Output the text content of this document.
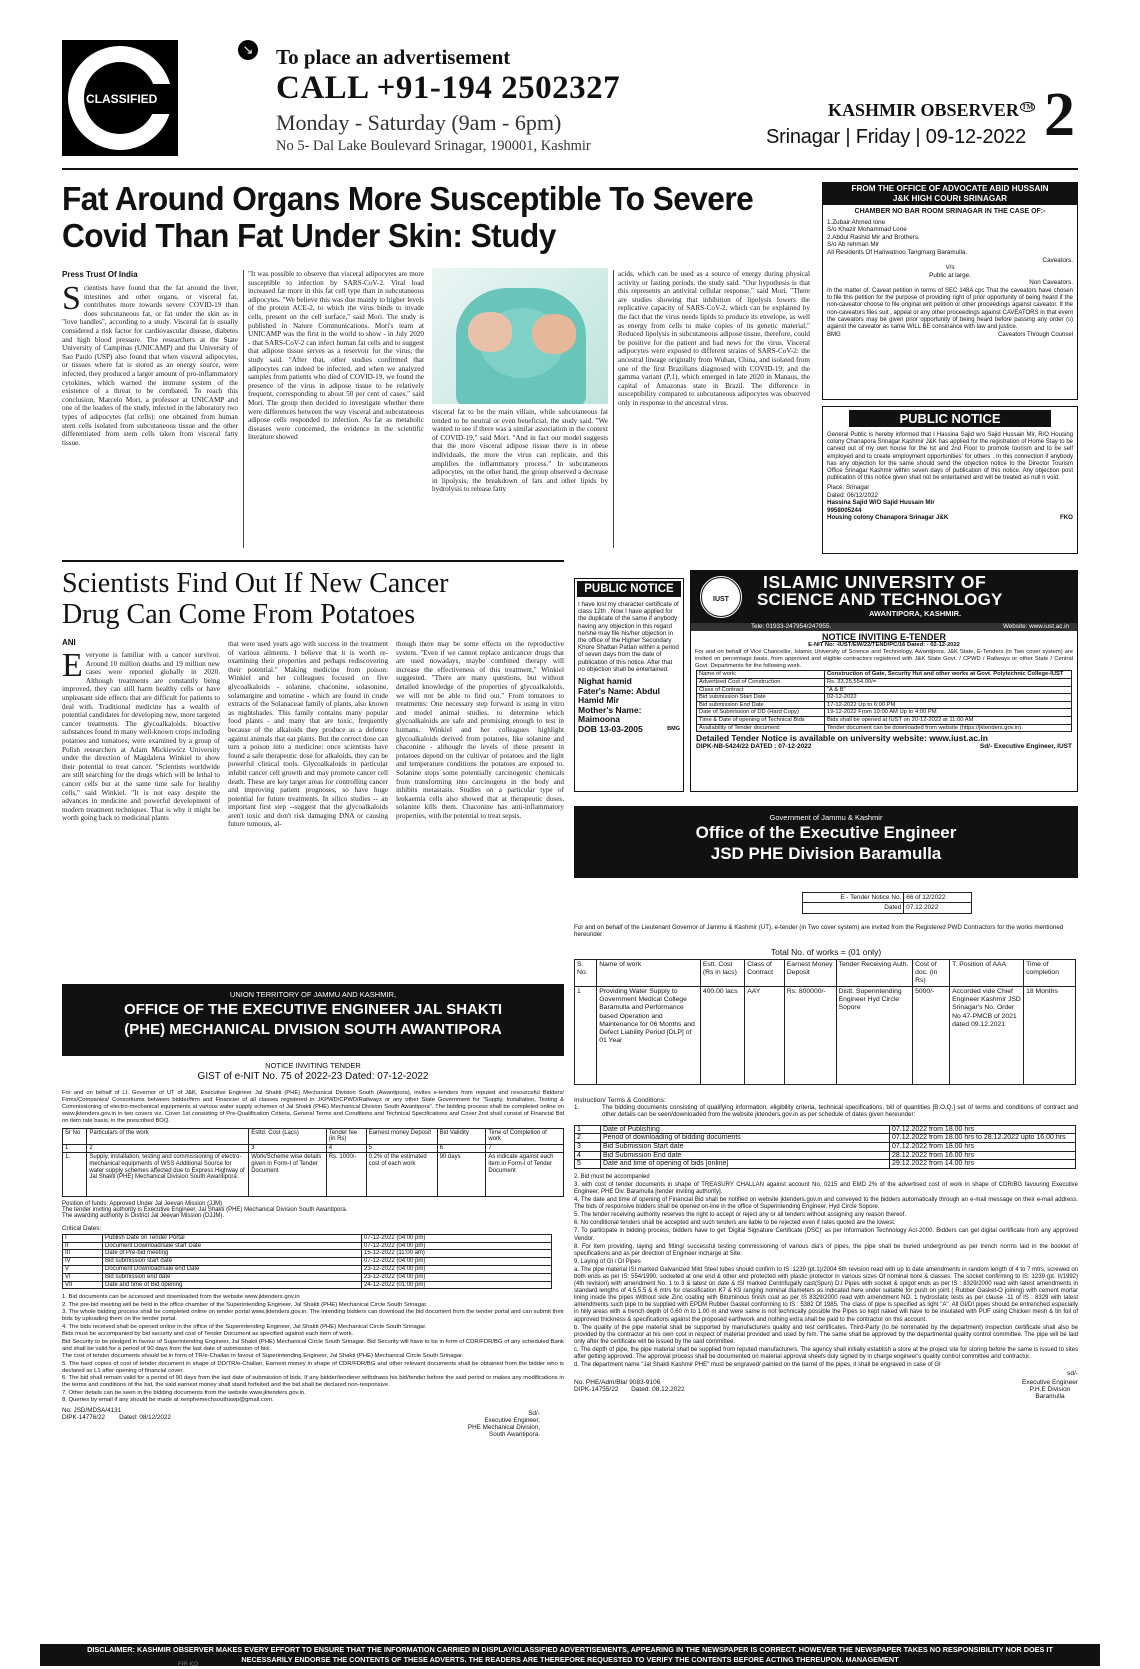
CLASSIFIED
↘ To place an advertisement
CALL +91-194 2502327
Monday - Saturday (9am - 6pm)
No 5- Dal Lake Boulevard Srinagar, 190001, Kashmir
KASHMIR OBSERVER ™
Srinagar | Friday | 09-12-2022 2
Fat Around Organs More Susceptible To Severe
Covid Than Fat Under Skin: Study
Press Trust Of India
Scientists have found that the fat around the liver, intestines and other organs, or visceral fat, contributes more towards severe COVID-19 than does subcutaneous fat, or fat under the skin as in "love handles", according to a study. Visceral fat is usually considered a risk factor for cardiovascular disease, diabetes and high blood pressure. The researchers at the State University of Campinas (UNICAMP) and the University of Sao Paulo (USP) also found that when visceral adipocytes, or tissues where fat is stored as an energy source, were infected, they produced a larger amount of pro-inflammatory cytokines, which warned the immune system of the existence of a threat to be combated. To reach this conclusion, Marcelo Mori, a professor at UNICAMP and one of the leaders of the study, infected in the laboratory two types of adipocytes (fat cells): one obtained from human stem cells isolated from subcutaneous tissue and the other differentiated from stem cells taken from visceral fatty tissue.
"It was possible to observe that visceral adipocytes are more susceptible to infection by SARS-CoV-2. Viral load increased far more in this fat cell type than in subcutaneous adipocytes. "We believe this was due mainly to higher levels of the protein ACE-2, to which the virus binds to invade cells, present on the cell surface," said Mori. The study is published in Nature Communications. Mori's team at UNICAMP was the first in the world to show - in July 2020 - that SARS-CoV-2 can infect human fat cells and to suggest that adipose tissue serves as a reservoir for the virus, the study said. "After that, other studies confirmed that adipocytes can indeed be infected, and when we analyzed samples from patients who died of COVID-19, we found the presence of the virus in adipose tissue to be relatively frequent, corresponding to about 50 per cent of cases," said Mori. The group then decided to investigate whether there were differences between the way visceral and subcutaneous adipose cells responded to infection. As far as metabolic diseases were concerned, the evidence in the scientific literature showed
visceral fat to be the main villain, while subcutaneous fat tended to be neutral or even beneficial, the study said. "We wanted to see if there was a similar association in the context of COVID-19," said Mori. "And in fact our model suggests that the more visceral adipose tissue there is in obese individuals, the more the virus can replicate, and this amplifies the inflammatory process." In subcutaneous adipocytes, on the other hand, the group observed a decrease in lipolysis, the breakdown of fats and other lipids by hydrolysis to release fatty
acids, which can be used as a source of energy during physical activity or fasting periods, the study said. "Our hypothesis is that this represents an antiviral cellular response," said Mori. "There are studies showing that inhibition of lipolysis lowers the replicative capacity of SARS-CoV-2, which can be explained by the fact that the virus needs lipids to produce its envelope, as well as energy from cells to make copies of its genetic material." Reduced lipolysis in subcutaneous adipose tissue, therefore, could be positive for the patient and bad news for the virus. Visceral adipocytes were exposed to different strains of SARS-CoV-2: the ancestral lineage originally from Wuhan, China, and isolated from one of the first Brazilians diagnosed with COVID-19; and the gamma variant (P.1), which emerged in late 2020 in Manaus, the capital of Amazonas state in Brazil. The difference in susceptibility compared to subcutaneous adipocytes was observed only in response to the ancestral virus.
FROM THE OFFICE OF ADVOCATE ABID HUSSAIN
J&K HIGH COURt SRINAGAR
CHAMBER NO BAR ROOM SRINAGAR IN THE CASE OF:-
1.Zubair Ahmed lone
S/o Khazir Mohammad Lone
2.Abdul Rashid Mir and Brothers.
S/o Ab rehman Mir
All Residents Of Hariwatnoo Tangmarg Baramulla.
Caveators.
V/s
Public at large.
Non Caveators.
In the matter of. Caveat petition in terms of SEC 148A cpc That the caveators have chosen to file this petition for the purpose of providing right of prior opportunity of being heard if the non-caveator choose to file original writ petition or other proceedings against caveator. If the non-caveators files suit , appeal or any other proceedings against CAVEATORS in that event the caveators may be given prior opportunity of being heard before passing any order (s) against the caveator as same WILL BE consinance with law and justice.
BMG	Caveators Through Counsel
PUBLIC NOTICE
General Public is hereby informed that I Hassina Sajid w/o Sajid Hussain Mir, R/O Housing colony Chanapora Srinagar Kashmir J&K has applied for the registration of Home Stay to be carved out of my own house for the Ist and 2nd Floor to promote tourism and to be self employed and to create employment opportunities' for others . In this connection if anybody has any objection for the same should send the objection notice to the Director Tourism Office Srinagar Kashmir within seven days of publication of this notice. Any objection post publication of this notice given shall not be entertained and will be treated as null n void.
Place: Srinagar
Dated: 06/12/2022
Hassina Sajid W/O Sajid Hussain Mir
9958005244
Housing colony Chanapora Srinagar J&K	FKO
Scientists Find Out If New Cancer
Drug Can Come From Potatoes
ANI
Everyone is familiar with a cancer survivor. Around 10 million deaths and 19 million new cases were reported globally in 2020. Although treatments are constantly being improved, they can still harm healthy cells or have unpleasant side effects that are difficult for patients to deal with. Traditional medicine has a wealth of potential candidates for developing new, more targeted cancer treatments. The glycoalkaloids, bioactive substances found in many well-known crops including potatoes and tomatoes, were examined by a group of Polish researchers at Adam Mickiewicz University under the direction of Magdalena Winkiel to show their potential to treat cancer. "Scientists worldwide are still searching for the drugs which will be lethal to cancer cells but at the same time safe for healthy cells," said Winkiel. "It is not easy despite the advances in medicine and powerful development of modern treatment techniques. That is why it might be worth going back to medicinal plants
that were used years ago with success in the treatment of various ailments. I believe that it is worth re-examining their properties and perhaps rediscovering their potential." Making medicine from poison: Winkiel and her colleagues focused on five glycoalkaloids - solanine, chaconine, solasonine, solamargine and tomatine - which are found in crude extracts of the Solanaceae family of plants, also known as nightshades. This family contains many popular food plants - and many that are toxic, frequently because of the alkaloids they produce as a defence against animals that eat plants. But the correct dose can turn a poison into a medicine: once scientists have found a safe therapeutic dose for alkaloids, they can be powerful clinical tools. Glycoalkaloids in particular inhibit cancer cell growth and may promote cancer cell death. These are key target areas for controlling cancer and improving patient prognoses, so have huge potential for future treatments. In silico studies -- an important first step --suggest that the glycoalkaloids aren't toxic and don't risk damaging DNA or causing future tumours, al-
though there may be some effects on the reproductive system. "Even if we cannot replace anticancer drugs that are used nowadays, maybe combined therapy will increase the effectiveness of this treatment," Winkiel suggested. "There are many questions, but without detailed knowledge of the properties of glycoalkaloids, we will not be able to find out." From tomatoes to treatments: One necessary step forward is using in vitro and model animal studies, to determine which glycoalkaloids are safe and promising enough to test in humans. Winkiel and her colleagues highlight glycoalkaloids derived from potatoes, like solanine and chaconine - although the levels of these present in potatoes depend on the cultivar of potatoes and the light and temperature conditions the potatoes are exposed to. Solanine stops some potentially carcinogenic chemicals from transforming into carcinogens in the body and inhibits metastasis. Studies on a particular type of leukaemia cells also showed that at therapeutic doses, solanine kills them. Chaconine has anti-inflammatory properties, with the potential to treat sepsis.
PUBLIC NOTICE
I have lost my character certificate of class 12th . Now I have applied for the duplicate of the same if anybody having any objection in this regard he/she may file his/her objection in the office of the Higher Secondary Khore Shattan Pattan within a period of seven days from the date of publication of this notice. After that no objection shall be entertained.
Nighat hamid
Fater's Name: Abdul Hamid Mir
Mother's Name:
Maimoona
DOB 13-03-2005	BMG
IUST
ISLAMIC UNIVERSITY OF
SCIENCE AND TECHNOLOGY
AWANTIPORA, KASHMIR.
Tele: 01933-247954/247955.	Website: www.iust.ac.in
NOTICE INVITING E-TENDER
E-NIT No: -IUST/EW/22/TEND/PC/16 Dated: - 02-12-2022
For and on behalf of Vice Chancellor, Islamic University of Science and Technology, Awantipora, J&K State, E-Tenders (in Two cover system) are invited on percentage basis, from approved and eligible contractors registered with J&K State Govt. / CPWD / Railways or other State / Central Govt. Departments for the following work.
Name of work:	Construction of Gate, Security Hut and other works at Govt. Polytechnic College-IUST
Advertised Cost of Construction	Rs. 33,25,554.00/=
Class of Contract	"A & B"
Bid submission Start Date	02-12-2022
Bid submission End Date	17-12-2022 Up to 6:00 PM
Date of Submission of DD (Hard Copy)	19-12-2022 From 10:00 AM Up to 4:00 PM
Time & Date of opening of Technical Bids	Bids shall be opened at IUST on 20-12-2022 at 11:00 AM
Availability of Tender document:	Tender document can be downloaded from website (https://jktenders.gov.in).
Detailed Tender Notice is available on university website: www.iust.ac.in
DIPK-NB-5424/22 DATED : 07-12-2022	Sd/- Executive Engineer, IUST
Government of Jammu & Kashmir
Office of the Executive Engineer
JSD PHE Division Baramulla
E - Tender Notice No.	66 of 12/2022
Dated	07.12.2022
For and on behalf of the Lieutenant Governor of Jammu & Kashmir (UT), e-tender (in Two cover system) are invited from the Registered PWD Contractors for the works mentioned hereunder:
Total No. of works = (01 only)
S. No.	Name of work	Estt. Cost (Rs in lacs)	Class of Contract	Earnest Money Deposit	Tender Receiving Auth.	Cost of doc. (in Rs)	T. Position of AAA	Time of completion
1	Providing Water Supply to Government Medical College Baramulla and Performance based Operation and Maintenance for 06 Months and Defect Liability Period [DLP] of 01 Year	400.00 lacs	AAY	Rs. 800000/-	Distt. Superintending Engineer Hyd Circle Sopore	5000/-	Accorded vide Chief Engineer Kashmir JSD Srinagar's No. Order No 47-PMCB of 2021 dated 09.12.2021	18 Months
Instruction/ Terms & Conditions:
1.	The bidding documents consisting of qualifying information, eligibility criteria, technical specifications, bill of quantities [B.O.Q.] set of terms and conditions of contract and other details can be seen/downloaded from the website jktenders.gov.in as per schedule of dates given hereunder:
1	Date of Publishing	07.12.2022 from 18.00 hrs
2	Period of downloading of bidding documents	07.12.2022 from 18.00 hrs to 28.12.2022 upto 16.00 hrs
3	Bid Submission Start date	07.12.2022 from 18.00 hrs
4	Bid Submission End date	28.12.2022 from 16.00 hrs
5	Date and time of opening of bids [online]	29.12.2022 from 14.00 hrs
2. Bid must be accompanied
3. with cost of tender documents in shape of TREASURY CHALLAN against account No. 0215 and EMD 2% of the advertised cost of work in shape of CDR/BG favouring Executive Engineer, PHE Div. Baramulla [tender inviting authority].
4. The date and time of opening of Financial Bid shall be notified on website jktenders.gov.in and conveyed to the bidders automatically through an e-mail message on their e-mail address. The bids of responsive bidders shall be opened on-line in the office of Superintending Engineer, Hyd Circle Sopore.
5. The tender receiving authority reserves the right to accept or reject any or all tenders without assigning any reason thereof.
6. No conditional tenders shall be accepted and such tenders are liable to be rejected even if rates quoted are the lowest.
7. To participate in bidding process, bidders have to get 'Digital Signature Certificate (DSC)' as per Information Technology Act-2000. Bidders can get digital certificate from any approved Vendor.
8. For item providing, laying and fitting/ successful testing commissioning of various dia's of pipes, the pipe shall be buried underground as per trench norms laid in the booklet of specifications and as per direction of Engineer incharge at Site.
9. Laying of GI / DI Pipes
a. The pipe material ISI marked Galvanized Mild Steel tubes should confirm to IS :1239 (pt.1)/2004 6th revision read with up to date amendments in random length of 4 to 7 mtrs, screwed on both ends as per IS: 554/1990, socketed at one end & other end protected with plastic protector in various sizes Of nominal bore & classes. The socket confirming to IS: 1239 (pt. II/1992) (4th revision) with amendment No. 1 to 3 & latest on date & ISI marked Centrifugally cast(Spun) D.I Pipes with socket & spigot ends as per IS : 8329/2000 read with latest amendments in standard lengths of 4,5,5.5 & 6 mtrs for classification K7 & K9 ranging nominal diameters as indicated here under suitable for push on joint ( Rubber Gasket-O joining) with cement mortar lining inside the pipes Without side Zinc coating with Bituminous finish coat as per IS 8329/2000 read with amendment NO. 1 hydrostatic tests as per clause -11 of IS : 8329 with latest amendments such pipe to be supplied with EPDM Rubber Gasket conforming to IS : 5382 Of 1985. The class of pipe is specified as light "A". All GI/DI pipes should be entrenched especially in hilly areas with a trench depth of 0.60 m to 1.00 m and were same is not technically possible the Pipes so kept naked will have to be insulated with PUF using Chicken mesh & tin foil of approved thickness & specifications against the proposed earthwork and nothing extra shall be paid to the contractor on this account.
b. The quality of the pipe material shall be supported by manufacturers quality and test certificates. Third-Party (to be nominated by the department) inspection certificate shall also be provided by the contractor at his own cost in respect of material provided and used by him. The same shall be approved by the departmental quality control committee. The pipe will be laid only after the certificate will be issued by the said committee.
c. The depth of pipe, the pipe material shall be supplied from reputed manufacturers. The agency shall initially establish a store at the project site for storing before the same is issued to sites after getting approved. The approval process shall be documented on material approval sheets duly signed by in charge engineer's quality control committee and contractor.
d. The department name "Jal Shakti Kashmir PHE" must be engraved/ painted on the barrel of the pipes, it shall be engraved in case of GI
sd/-
No. PHE/Adm/Bla/ 9083-9106
DIPK-14755/22 Dated: 08.12.2022
Executive Engineer
P.H.E Division
Baramulla
UNION TERRITORY OF JAMMU AND KASHMIR,
OFFICE OF THE EXECUTIVE ENGINEER JAL SHAKTI
(PHE) MECHANICAL DIVISION SOUTH AWANTIPORA
NOTICE INVITING TENDER
GIST of e-NIT No. 75 of 2022-23 Dated: 07-12-2022
For and on behalf of Lt. Governor of UT of J&K, Executive Engineer Jal Shakti (PHE) Mechanical Division South (Awantipora), invites e-tenders from reputed and resourceful Bidders/ Firms/Companies/ Consortiums between bidder/firm and Financier of all classes registered in JKPWD/CPWD/Railways or any other State Government for "Supply, Installation, Testing & Commissioning of electro-mechanical equipments at various water supply schemes of Jal Shakti (PHE) Mechanical Division South Awantipora". The bidding process shall be completed online on www.jktenders.gov.in in two covers viz. Cover 1st consisting of Pre-Qualification Criteria, General Terms and Conditions and Technical Specifications and Cover 2nd shall consist of Financial Bid on item rate basis, in the prescribed BOQ.
Sr No	Particulars of the work	Esttd. Cost (Lacs)	Tender fee (in Rs)	Earnest money Deposit	Bid Validity	Time of Completion of work
1	2	3	4	5	6	7
1.	Supply, installation, testing and commissioning of electro-mechanical equipments of WSS Additional Source for water supply schemes affected due to Express Highway of Jal Shakti (PHE) Mechanical Division South Awantipora.	Work/Scheme wise details given in Form-I of Tender Document	Rs. 1000/-	0.2% of the estimated cost of each work	90 days	As indicate against each item in Form-I of Tender Document
Position of funds: Approved Under Jal Jeevan Mission (JJM)
The tender inviting authority is Executive Engineer, Jal Shakti (PHE) Mechanical Division South Awantipora.
The awarding authority is District Jal Jeevan Mission (DJJM).
Critical Dates:
I	Publish Date on Tender Portal	07-12-2022 (04:00 pm)
II	Document Download/sale start Date	07-12-2022 (04:00 pm)
III	Date of Pre-bid meeting	15-12-2022 (11:00 am)
IV	Bid submission start date	07-12-2022 (04:00 pm)
V	Document Download/sale end Date	23-12-2022 (04:00 pm)
VI	Bid submission end date	23-12-2022 (04:00 pm)
VII	Date and time of Bid opening	24-12-2022 (01:00 pm)
1. Bid documents can be accessed and downloaded from the website www.jktenders.gov.in
2. The pre-bid meeting will be held in the office chamber of the Superintending Engineer, Jal Shakti (PHE) Mechanical Circle South Srinagar.
3. The whole bidding process shall be completed online on tender portal www.jktenders.gov.in. The intending bidders can download the bid document from the tender portal and can submit their bids by uploading them on the tender portal.
4. The bids received shall be opened online in the office of the Superintending Engineer, Jal Shakti (PHE) Mechanical Circle South Srinagar.
Bids must be accompanied by bid security and cost of Tender Document as specified against each item of work.
Bid Security to be pledged in favour of Superintending Engineer, Jal Shakti (PHE) Mechanical Circle South Srinagar. Bid Security will have to be in form of CDR/FDR/BG of any scheduled Bank and shall be valid for a period of 90 days from the last date of submission of bid.
The cost of tender documents should be in form of TR/e-Challan in favour of Superintending Engineer, Jal Shakti (PHE) Mechanical Circle South Srinagar.
5. The hard copies of cost of tender document in shape of DD/TR/e-Challan, Earnest money in shape of CDR/FDR/BG and other relevant documents shall be obtained from the bidder who is declared as L1 after opening of financial cover.
6. The bid shall remain valid for a period of 90 days from the last date of submission of bids. If any bidder/tenderer withdraws his bid/tender before the said period or makes any modifications in the terms and conditions of the bid, the said earnest money shall stand forfeited and the bid shall be declared non-responsive.
7. Other details can be seen in the bidding documents from the website www.jktenders.gov.in.
8. Queries by email if any should be made at xenphemechsouthawp@gmail.com.
Sd/-
No: JSD/MDSA/4131
DIPK-14776/22 Dated: 08/12/2022	Executive Engineer,
PHE Mechanical Division,
South Awantipora.
DISCLAIMER: KASHMIR OBSERVER MAKES EVERY EFFORT TO ENSURE THAT THE INFORMATION CARRIED IN DISPLAY/CLASSIFIED ADVERTISEMENTS, APPEARING IN THE NEWSPAPER IS CORRECT. HOWEVER THE NEWSPAPER TAKES NO RESPONSIBILITY NOR DOES IT
NECESSARILY ENDORSE THE CONTENTS OF THESE ADVERTS. THE READERS ARE THEREFORE REQUESTED TO VERIFY THE CONTENTS BEFORE ACTING THEREUPON. MANAGEMENT
FIR KO
